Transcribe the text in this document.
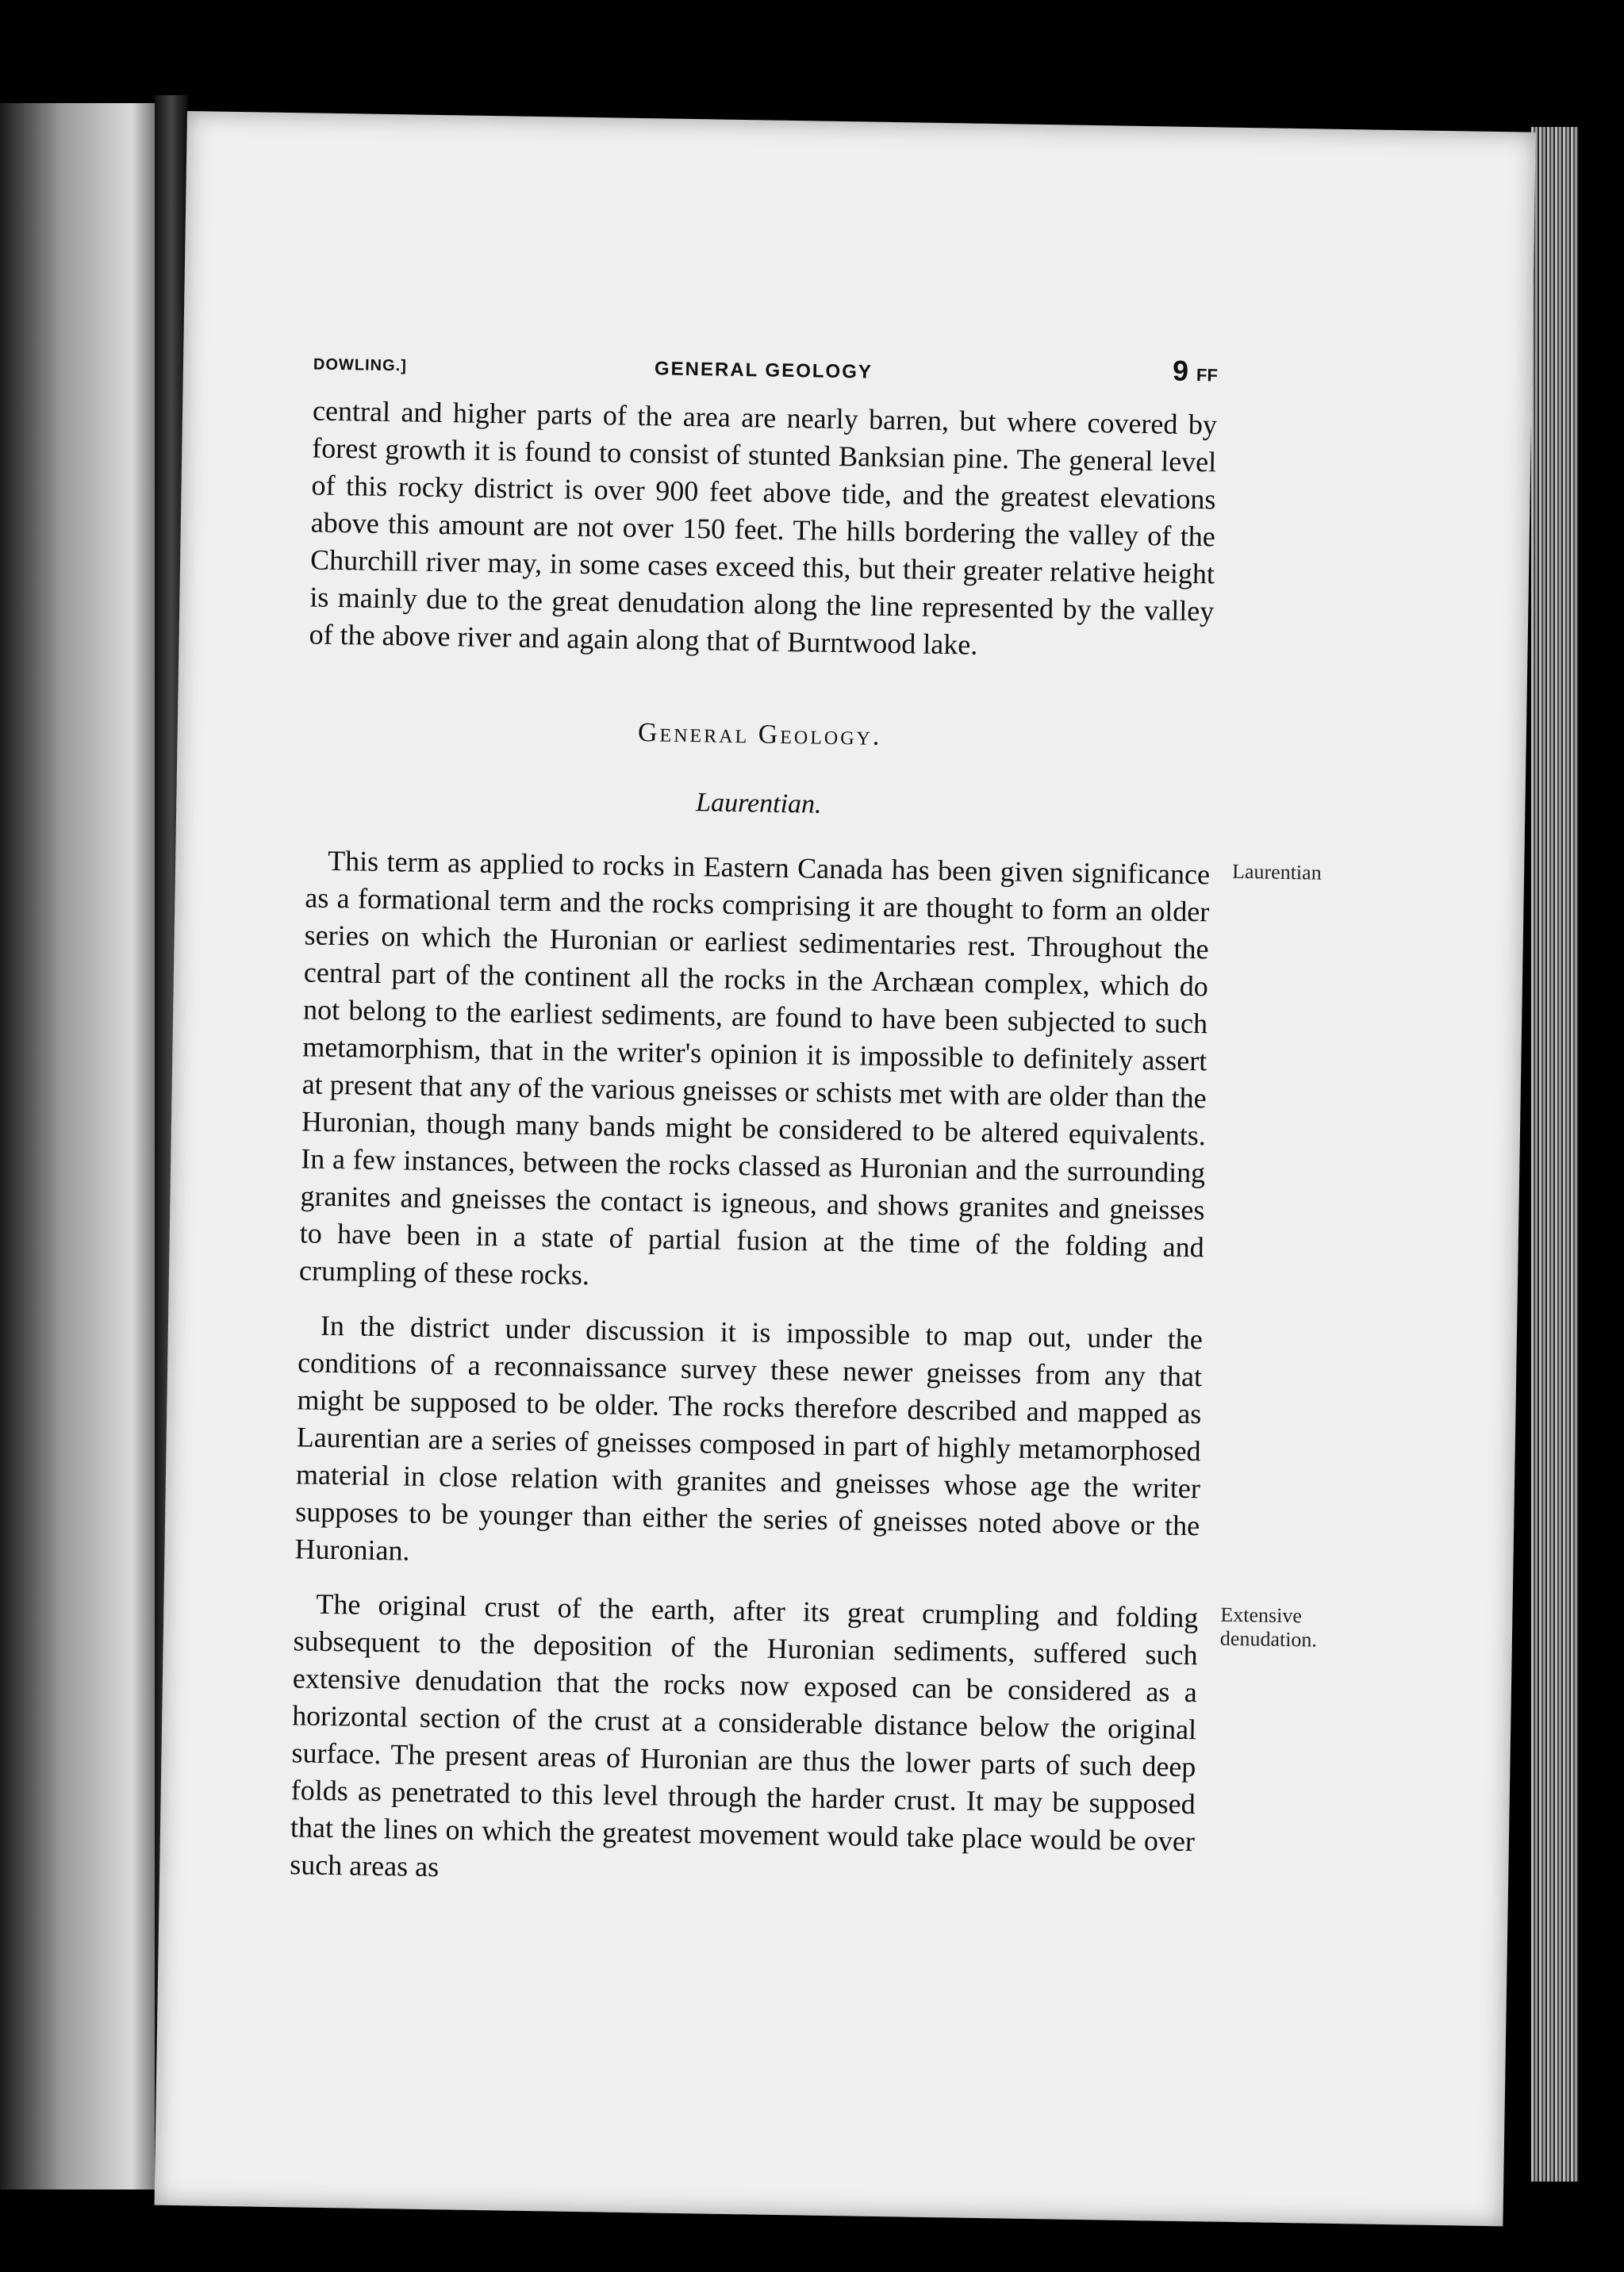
DOWLING.]	GENERAL GEOLOGY	9 FF

central and higher parts of the area are nearly barren, but where covered by forest growth it is found to consist of stunted Banksian pine. The general level of this rocky district is over 900 feet above tide, and the greatest elevations above this amount are not over 150 feet. The hills bordering the valley of the Churchill river may, in some cases exceed this, but their greater relative height is mainly due to the great denudation along the line represented by the valley of the above river and again along that of Burntwood lake.

General Geology.
Laurentian.

This term as applied to rocks in Eastern Canada has been given significance as a formational term and the rocks comprising it are thought to form an older series on which the Huronian or earliest sedimentaries rest. Throughout the central part of the continent all the rocks in the Archæan complex, which do not belong to the earliest sediments, are found to have been subjected to such metamorphism, that in the writer's opinion it is impossible to definitely assert at present that any of the various gneisses or schists met with are older than the Huronian, though many bands might be considered to be altered equivalents. In a few instances, between the rocks classed as Huronian and the surrounding granites and gneisses the contact is igneous, and shows granites and gneisses to have been in a state of partial fusion at the time of the folding and crumpling of these rocks.

Laurentian

In the district under discussion it is impossible to map out, under the conditions of a reconnaissance survey these newer gneisses from any that might be supposed to be older. The rocks therefore described and mapped as Laurentian are a series of gneisses composed in part of highly metamorphosed material in close relation with granites and gneisses whose age the writer supposes to be younger than either the series of gneisses noted above or the Huronian.

The original crust of the earth, after its great crumpling and folding subsequent to the deposition of the Huronian sediments, suffered such extensive denudation that the rocks now exposed can be considered as a horizontal section of the crust at a considerable distance below the original surface. The present areas of Huronian are thus the lower parts of such deep folds as penetrated to this level through the harder crust. It may be supposed that the lines on which the greatest movement would take place would be over such areas as

Extensive denudation.
